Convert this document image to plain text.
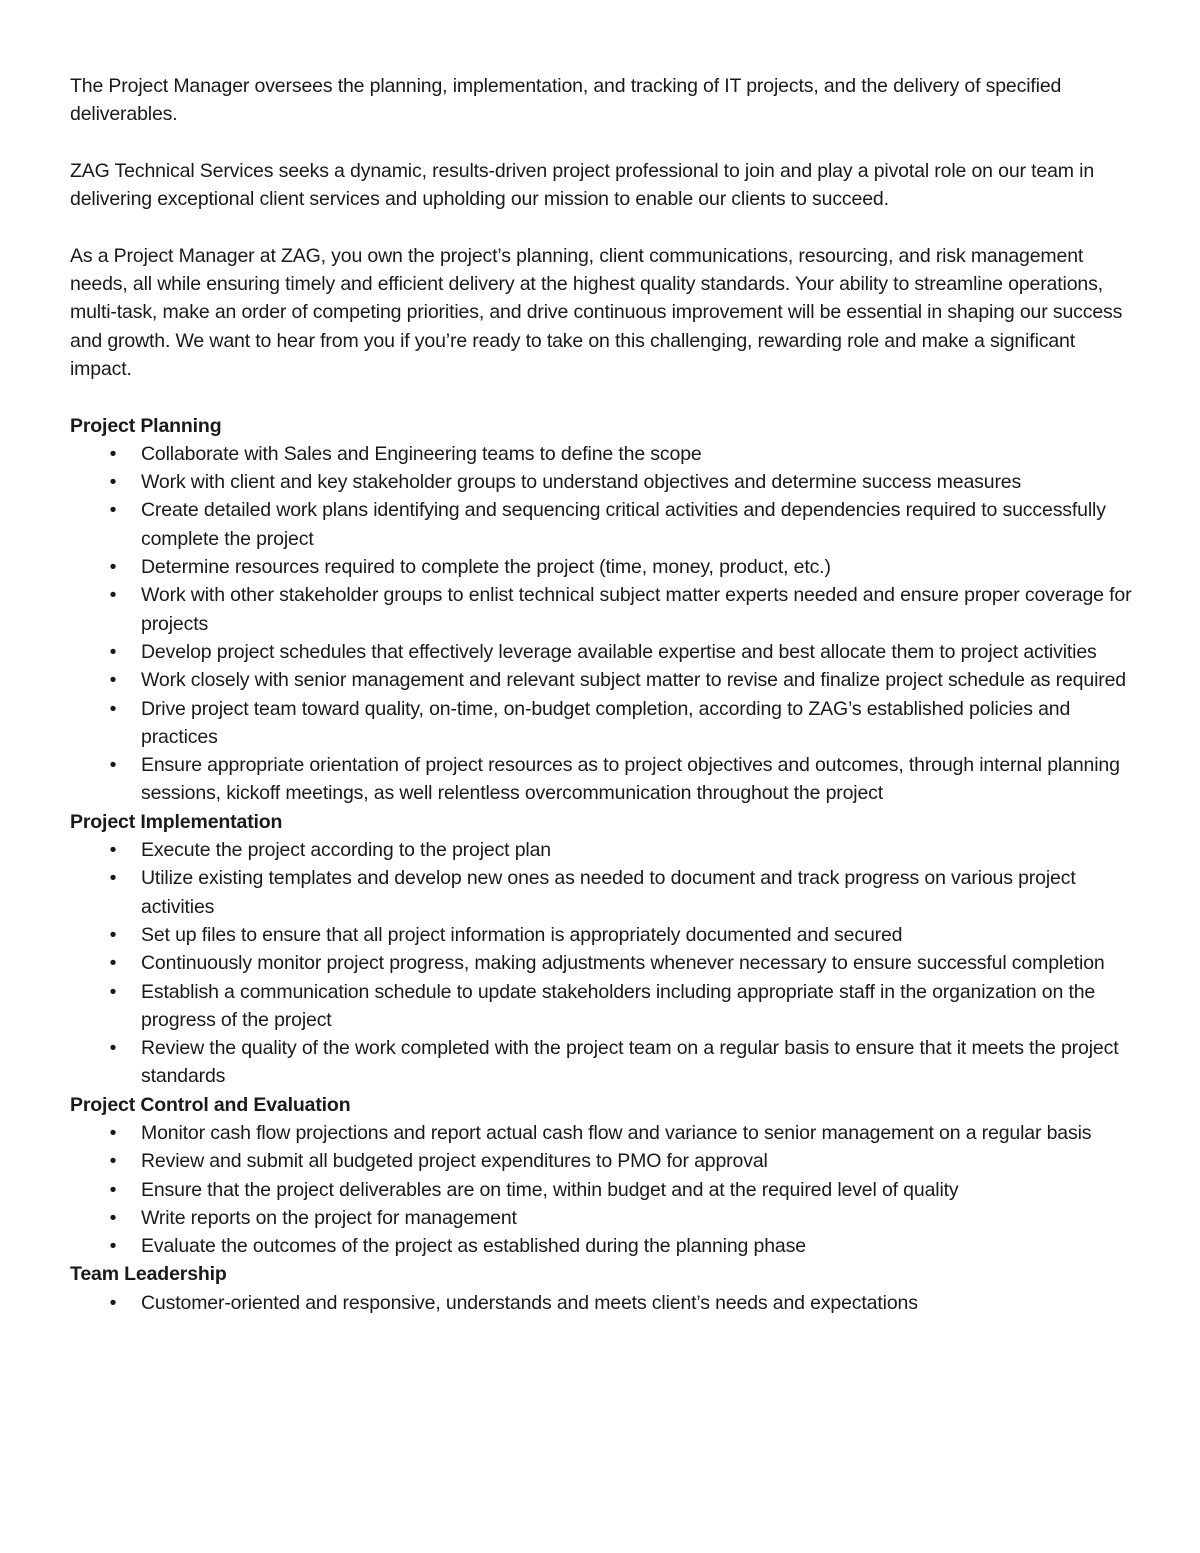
The Project Manager oversees the planning, implementation, and tracking of IT projects, and the delivery of specified deliverables.

ZAG Technical Services seeks a dynamic, results-driven project professional to join and play a pivotal role on our team in delivering exceptional client services and upholding our mission to enable our clients to succeed.

As a Project Manager at ZAG, you own the project’s planning, client communications, resourcing, and risk management needs, all while ensuring timely and efficient delivery at the highest quality standards. Your ability to streamline operations, multi-task, make an order of competing priorities, and drive continuous improvement will be essential in shaping our success and growth. We want to hear from you if you’re ready to take on this challenging, rewarding role and make a significant impact.

Project Planning

•	Collaborate with Sales and Engineering teams to define the scope
•	Work with client and key stakeholder groups to understand objectives and determine success measures
•	Create detailed work plans identifying and sequencing critical activities and dependencies required to successfully complete the project
•	Determine resources required to complete the project (time, money, product, etc.)
•	Work with other stakeholder groups to enlist technical subject matter experts needed and ensure proper coverage for projects
•	Develop project schedules that effectively leverage available expertise and best allocate them to project activities
•	Work closely with senior management and relevant subject matter to revise and finalize project schedule as required
•	Drive project team toward quality, on-time, on-budget completion, according to ZAG’s established policies and practices
•	Ensure appropriate orientation of project resources as to project objectives and outcomes, through internal planning sessions, kickoff meetings, as well relentless overcommunication throughout the project

Project Implementation

•	Execute the project according to the project plan
•	Utilize existing templates and develop new ones as needed to document and track progress on various project activities
•	Set up files to ensure that all project information is appropriately documented and secured
•	Continuously monitor project progress, making adjustments whenever necessary to ensure successful completion
•	Establish a communication schedule to update stakeholders including appropriate staff in the organization on the progress of the project
•	Review the quality of the work completed with the project team on a regular basis to ensure that it meets the project standards

Project Control and Evaluation

•	Monitor cash flow projections and report actual cash flow and variance to senior management on a regular basis
•	Review and submit all budgeted project expenditures to PMO for approval
•	Ensure that the project deliverables are on time, within budget and at the required level of quality
•	Write reports on the project for management
•	Evaluate the outcomes of the project as established during the planning phase

Team Leadership

•	Customer-oriented and responsive, understands and meets client’s needs and expectations
